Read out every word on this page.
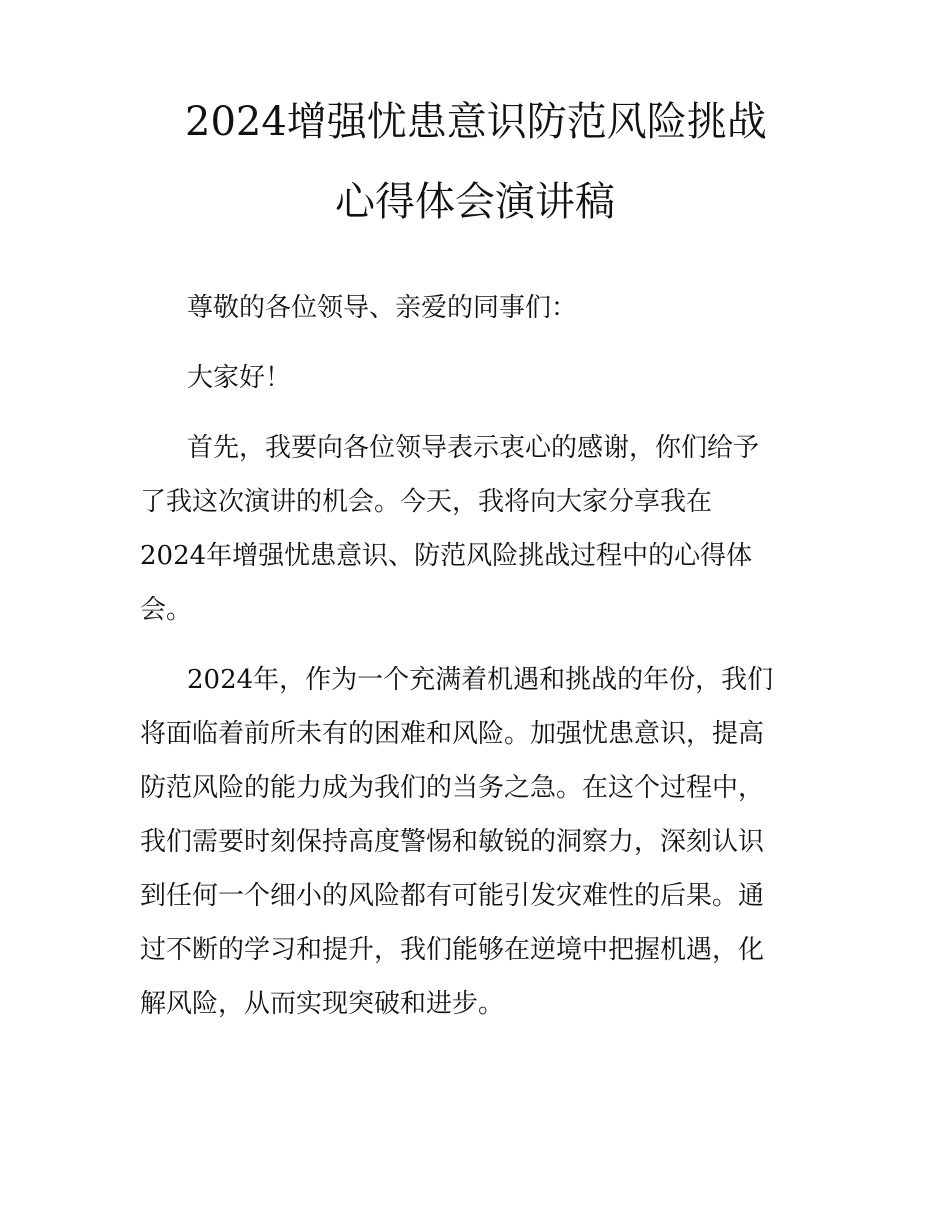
2024增强忧患意识防范风险挑战
心得体会演讲稿

尊敬的各位领导、亲爱的同事们：

大家好！

首先，我要向各位领导表示衷心的感谢，你们给予

了我这次演讲的机会。今天，我将向大家分享我在

2024年增强忧患意识、防范风险挑战过程中的心得体

会。

2024年，作为一个充满着机遇和挑战的年份，我们

将面临着前所未有的困难和风险。加强忧患意识，提高

防范风险的能力成为我们的当务之急。在这个过程中，

我们需要时刻保持高度警惕和敏锐的洞察力，深刻认识

到任何一个细小的风险都有可能引发灾难性的后果。通

过不断的学习和提升，我们能够在逆境中把握机遇，化

解风险，从而实现突破和进步。
